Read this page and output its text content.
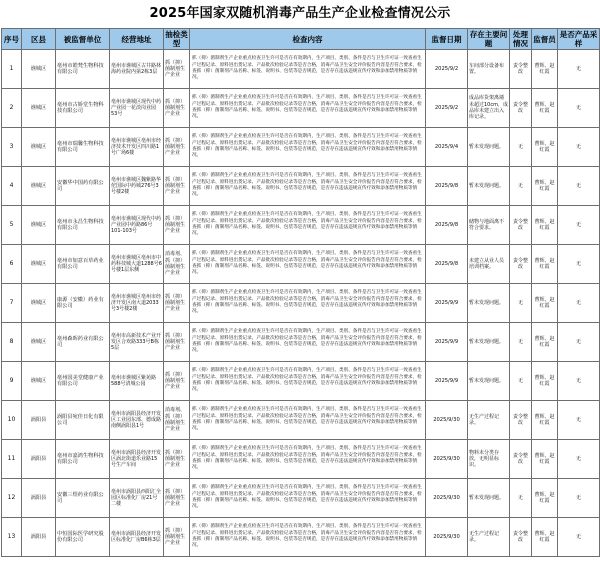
2025年国家双随机消毒产品生产企业检查情况公示
序号	区县	被监督单位	经营地址	抽检类型	检查内容	监督日期	存在主要问题	处理情况	监督员	是否产品采样
1	谯城区	亳州市皓梵生物科技有限公司	亳州市谯城区古井路林海药业院内第2栋3层	抓（抑）菌制剂生产企业	抓（抑）菌制剂生产企业重点检查卫生许可是否在有效期内，生产项目、类别、条件是否与卫生许可证一致查看生产过程记录、原料进出货记录、产品批次检验记录等是否合格，消毒产品卫生安全评价报告内容是否符合要求，检查抓（抑）菌制剂产品名称、标签、说明书、包装等是否规范，是否存在违法违规宣传疗效和添加禁用物质等情况。	2025/9/2	车间部分设备布置。	责令整改	曹辉、赵红霞	无
2	谯城区	亳州市古娇堂生物科技有限公司	亳州市谯城区现代中药产业园一花淡岗业园53号	抓（抑）菌制剂生产企业	抓（抑）菌制剂生产企业重点检查卫生许可是否在有效期内，生产项目、类别、条件是否与卫生许可证一致查看生产过程记录、原料进出货记录、产品批次检验记录等是否合格，消毒产品卫生安全评价报告内容是否符合要求，检查抓（抑）菌制剂产品名称、标签、说明书、包装等是否规范，是否存在违法违规宣传疗效和添加禁用物质等情况。	2025/9/2	成品库货架离墙未超过10cm，成品库未建立出入库记录。	责令整改	曹辉、赵红霞	无
3	谯城区	亳州市瑞馨生物科技有限公司	亳州市谯城区亳州市经济技术开发区四川路1号广场6楼	抓（抑）菌制剂生产企业	抓（抑）菌制剂生产企业重点检查卫生许可是否在有效期内，生产项目、类别、条件是否与卫生许可证一致查看生产过程记录、原料进出货记录、产品批次检验记录等是否合格，消毒产品卫生安全评价报告内容是否符合要求，检查抓（抑）菌制剂产品名称、标签、说明书、包装等是否规范，是否存在违法违规宣传疗效和添加禁用物质等情况。	2025/9/4	暂未发现问题。	无	曹辉、赵红霞	无
4	谯城区	安徽华中国药有限公司	亳州市谯城区魏紫路华佗国际中药城276号3号楼2楼	抓（抑）菌制剂生产企业	抓（抑）菌制剂生产企业重点检查卫生许可是否在有效期内，生产项目、类别、条件是否与卫生许可证一致查看生产过程记录、原料进出货记录、产品批次检验记录等是否合格，消毒产品卫生安全评价报告内容是否符合要求，检查抓（抑）菌制剂产品名称、标签、说明书、包装等是否规范，是否存在违法违规宣传疗效和添加禁用物质等情况。	2025/9/8	暂未发现问题。	无	曹辉、赵红霞	无
5	谯城区	亳州市永昌生物科技有限公司	亳州市谯城区现代中药产业园中药路86号101-103号	抓（抑）菌制剂生产企业	抓（抑）菌制剂生产企业重点检查卫生许可是否在有效期内，生产项目、类别、条件是否与卫生许可证一致查看生产过程记录、原料进出货记录、产品批次检验记录等是否合格，消毒产品卫生安全评价报告内容是否符合要求，检查抓（抑）菌制剂产品名称、标签、说明书、包装等是否规范，是否存在违法违规宣传疗效和添加禁用物质等情况。	2025/9/8	储物与地面离不符合要求。	责令整改	曹辉、赵红霞	无
6	谯城区	亳州市如意百草药业有限公司	亳州市谯城区亳州市中药科技城大道1288号6号楼1层东侧	消毒剂、抓（抑）菌制剂生产企业	抓（抑）菌制剂生产企业重点检查卫生许可是否在有效期内，生产项目、类别、条件是否与卫生许可证一致查看生产过程记录、原料进出货记录、产品批次检验记录等是否合格，消毒产品卫生安全评价报告内容是否符合要求，检查抓（抑）菌制剂产品名称、标签、说明书、包装等是否规范，是否存在违法违规宣传疗效和添加禁用物质等情况。	2025/9/8	未建立从业人员培训档案。	责令整改	曹辉、赵红霞	无
7	谯城区	康源（安徽）药业有限公司	亳州市谯城区亳州市经济开发区南大道2033号3号楼2楼	抓（抑）菌制剂生产企业	抓（抑）菌制剂生产企业重点检查卫生许可是否在有效期内，生产项目、类别、条件是否与卫生许可证一致查看生产过程记录、原料进出货记录、产品批次检验记录等是否合格，消毒产品卫生安全评价报告内容是否符合要求，检查抓（抑）菌制剂产品名称、标签、说明书、包装等是否规范，是否存在违法违规宣传疗效和添加禁用物质等情况。	2025/9/9	暂未发现问题。	无	曹辉、赵红霞	无
8	谯城区	亳州森晖药业有限公司	亳州市高新技术产业开发区合欢路333号B栋5层	抓（抑）菌制剂生产企业	抓（抑）菌制剂生产企业重点检查卫生许可是否在有效期内，生产项目、类别、条件是否与卫生许可证一致查看生产过程记录、原料进出货记录、产品批次检验记录等是否合格，消毒产品卫生安全评价报告内容是否符合要求，检查抓（抑）菌制剂产品名称、标签、说明书、包装等是否规范，是否存在违法违规宣传疗效和添加禁用物质等情况。	2025/9/9	暂未发现问题。	无	曹辉、赵红霞	无
9	谯城区	亳州国美堂健康产业有限公司	亳州市谯城区紫苑路588号清城公园	抓（抑）菌制剂生产企业	抓（抑）菌制剂生产企业重点检查卫生许可是否在有效期内，生产项目、类别、条件是否与卫生许可证一致查看生产过程记录、原料进出货记录、产品批次检验记录等是否合格，消毒产品卫生安全评价报告内容是否符合要求，检查抓（抑）菌制剂产品名称、标签、说明书、包装等是否规范，是否存在违法违规宣传疗效和添加禁用物质等情况。	2025/9/9	暂未发现问题。	无	曹辉、赵红霞	无
10	涡阳县	涡阳县宛佳日化有限公司	亳州市涡阳县经济开发区工业园东部、德成路南侧涡阳县1号	消毒剂、抓（抑）菌制剂生产企业	抓（抑）菌制剂生产企业重点检查卫生许可是否在有效期内，生产项目、类别、条件是否与卫生许可证一致查看生产过程记录、原料进出货记录、产品批次检验记录等是否合格，消毒产品卫生安全评价报告内容是否符合要求，检查抓（抑）菌制剂产品名称、标签、说明书、包装等是否规范，是否存在违法违规宣传疗效和添加禁用物质等情况。	2025/9/30	无生产过程记录。	责令整改	曹辉、赵红霞	无
11	涡阳县	亳州市嘉鸿生物科技有限公司	亳州市涡阳县经济开发区涡北街道乐业路15号生产车间	抓（抑）菌制剂生产企业	抓（抑）菌制剂生产企业重点检查卫生许可是否在有效期内，生产项目、类别、条件是否与卫生许可证一致查看生产过程记录、原料进出货记录、产品批次检验记录等是否合格，消毒产品卫生安全评价报告内容是否符合要求，检查抓（抑）菌制剂产品名称、标签、说明书、包装等是否规范，是否存在违法违规宣传疗效和添加禁用物质等情况。	2025/9/30	物料未分类存放，无明显标识。	责令整改	曹辉、赵红霞	无
12	涡阳县	安徽三煜药业有限公司	亳州市涡阳县西阳汇全园区标准化厂房21号二楼	抓（抑）菌制剂生产企业	抓（抑）菌制剂生产企业重点检查卫生许可是否在有效期内，生产项目、类别、条件是否与卫生许可证一致查看生产过程记录、原料进出货记录、产品批次检验记录等是否合格，消毒产品卫生安全评价报告内容是否符合要求，检查抓（抑）菌制剂产品名称、标签、说明书、包装等是否规范，是否存在违法违规宣传疗效和添加禁用物质等情况。	2025/9/30	暂未发现问题。	无	曹辉、赵红霞	无
13	涡阳县	中恒国际医学研究股份有限公司	亳州市涡阳县经济开发区标准化厂房B6栋3层	抓（抑）菌制剂生产企业	抓（抑）菌制剂生产企业重点检查卫生许可是否在有效期内，生产项目、类别、条件是否与卫生许可证一致查看生产过程记录、原料进出货记录、产品批次检验记录等是否合格，消毒产品卫生安全评价报告内容是否符合要求，检查抓（抑）菌制剂产品名称、标签、说明书、包装等是否规范，是否存在违法违规宣传疗效和添加禁用物质等情况。	2025/9/30	无生产过程记录。	责令整改	曹辉、赵红霞	无
